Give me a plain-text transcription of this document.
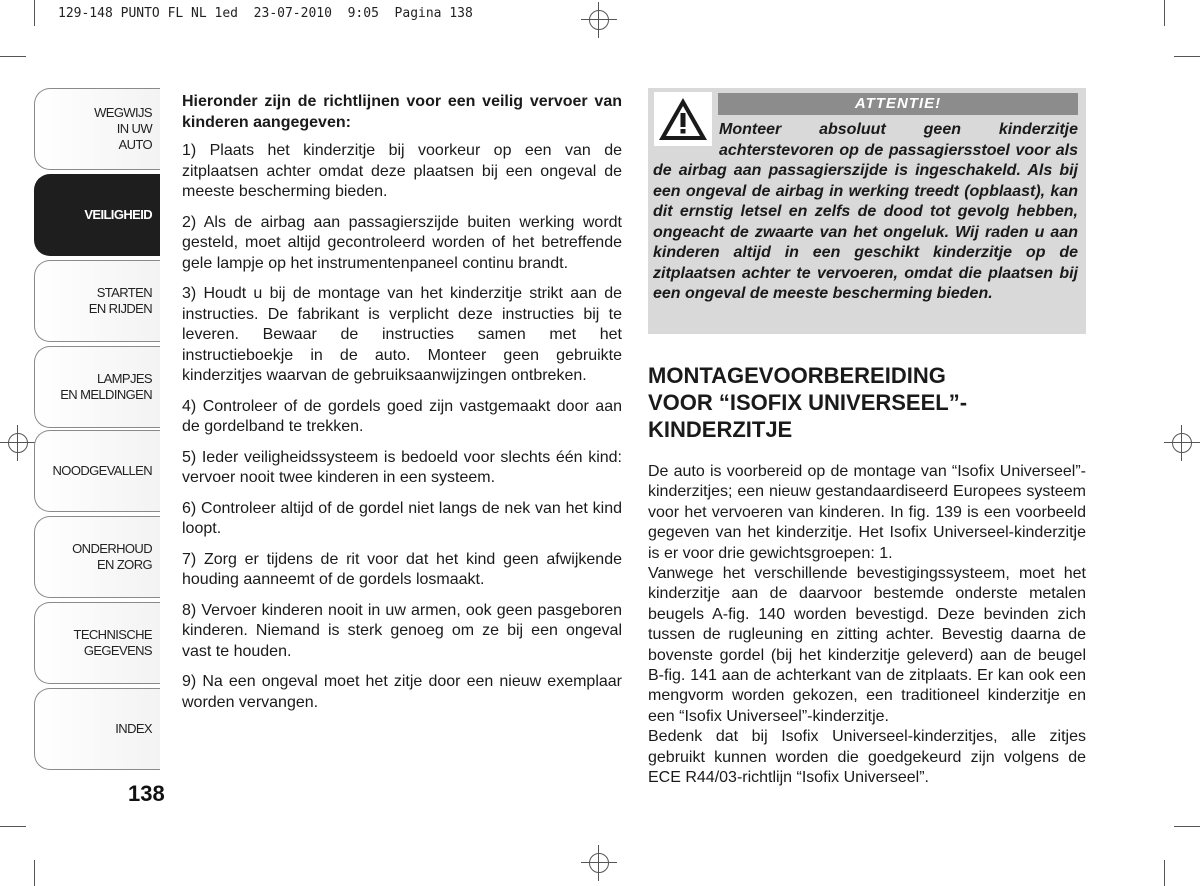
129-148 PUNTO FL NL 1ed  23-07-2010  9:05  Pagina 138
WEGWIJS
IN UW
AUTO
VEILIGHEID
STARTEN
EN RIJDEN
LAMPJES
EN MELDINGEN
NOODGEVALLEN
ONDERHOUD
EN ZORG
TECHNISCHE
GEGEVENS
INDEX
138

Hieronder zijn de richtlijnen voor een veilig vervoer van kinderen aangegeven:

1) Plaats het kinderzitje bij voorkeur op een van de zitplaatsen achter omdat deze plaatsen bij een ongeval de meeste bescherming bieden.

2) Als de airbag aan passagierszijde buiten werking wordt gesteld, moet altijd gecontroleerd worden of het betreffende gele lampje op het instrumentenpaneel continu brandt.

3) Houdt u bij de montage van het kinderzitje strikt aan de instructies. De fabrikant is verplicht deze instructies bij te leveren. Bewaar de instructies samen met het instructieboekje in de auto. Monteer geen gebruikte kinderzitjes waarvan de gebruiksaanwijzingen ontbreken.

4) Controleer of de gordels goed zijn vastgemaakt door aan de gordelband te trekken.

5) Ieder veiligheidssysteem is bedoeld voor slechts één kind: vervoer nooit twee kinderen in een systeem.

6) Controleer altijd of de gordel niet langs de nek van het kind loopt.

7) Zorg er tijdens de rit voor dat het kind geen afwijkende houding aanneemt of de gordels losmaakt.

8) Vervoer kinderen nooit in uw armen, ook geen pasgeboren kinderen. Niemand is sterk genoeg om ze bij een ongeval vast te houden.

9) Na een ongeval moet het zitje door een nieuw exemplaar worden vervangen.

ATTENTIE!
Monteer absoluut geen kinderzitje achterstevoren op de passagiersstoel voor als de airbag aan passagierszijde is ingeschakeld. Als bij een ongeval de airbag in werking treedt (opblaast), kan dit ernstig letsel en zelfs de dood tot gevolg hebben, ongeacht de zwaarte van het ongeluk. Wij raden u aan kinderen altijd in een geschikt kinderzitje op de zitplaatsen achter te vervoeren, omdat die plaatsen bij een ongeval de meeste bescherming bieden.
MONTAGEVOORBEREIDING
VOOR “ISOFIX UNIVERSEEL”-
KINDERZITJE

De auto is voorbereid op de montage van “Isofix Universeel”-kinderzitjes; een nieuw gestandaardiseerd Europees systeem voor het vervoeren van kinderen. In fig. 139 is een voorbeeld gegeven van het kinderzitje. Het Isofix Universeel-kinderzitje is er voor drie gewichtsgroepen: 1.

Vanwege het verschillende bevestigingssysteem, moet het kinderzitje aan de daarvoor bestemde onderste metalen beugels A-fig. 140 worden bevestigd. Deze bevinden zich tussen de rugleuning en zitting achter. Bevestig daarna de bovenste gordel (bij het kinderzitje geleverd) aan de beugel B-fig. 141 aan de achterkant van de zitplaats. Er kan ook een mengvorm worden gekozen, een traditioneel kinderzitje en een “Isofix Universeel”-kinderzitje.

Bedenk dat bij Isofix Universeel-kinderzitjes, alle zitjes gebruikt kunnen worden die goedgekeurd zijn volgens de ECE R44/03-richtlijn “Isofix Universeel”.
